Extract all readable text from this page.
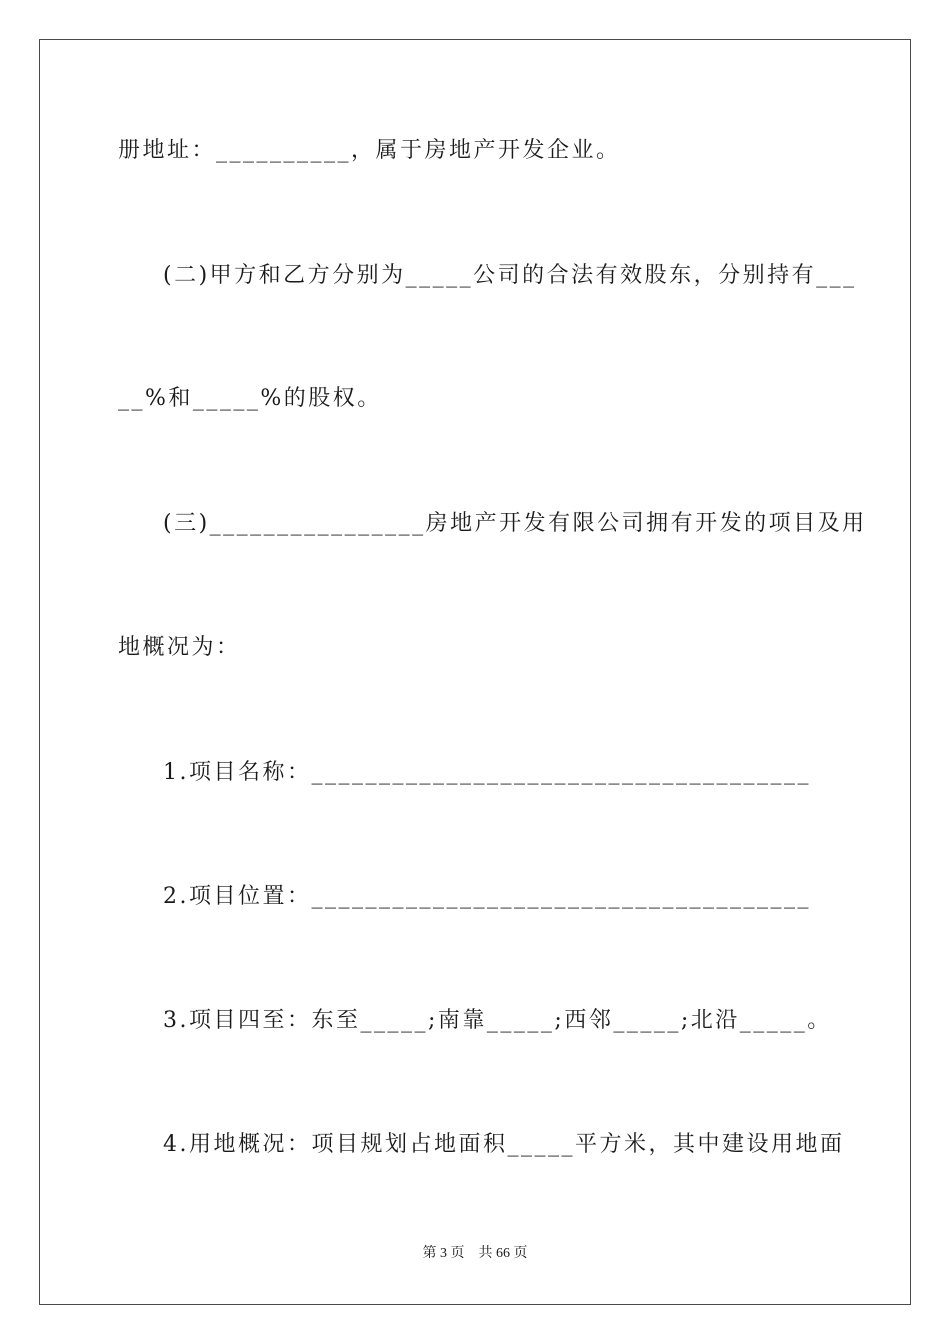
册地址：__________，属于房地产开发企业。

(二)甲方和乙方分别为_____公司的合法有效股东，分别持有___

__%和_____%的股权。

(三)________________房地产开发有限公司拥有开发的项目及用

地概况为：

1.项目名称：_____________________________________

2.项目位置：_____________________________________

3.项目四至：东至_____;南靠_____;西邻_____;北沿_____。

4.用地概况：项目规划占地面积_____平方米，其中建设用地面

第 3 页    共 66 页
